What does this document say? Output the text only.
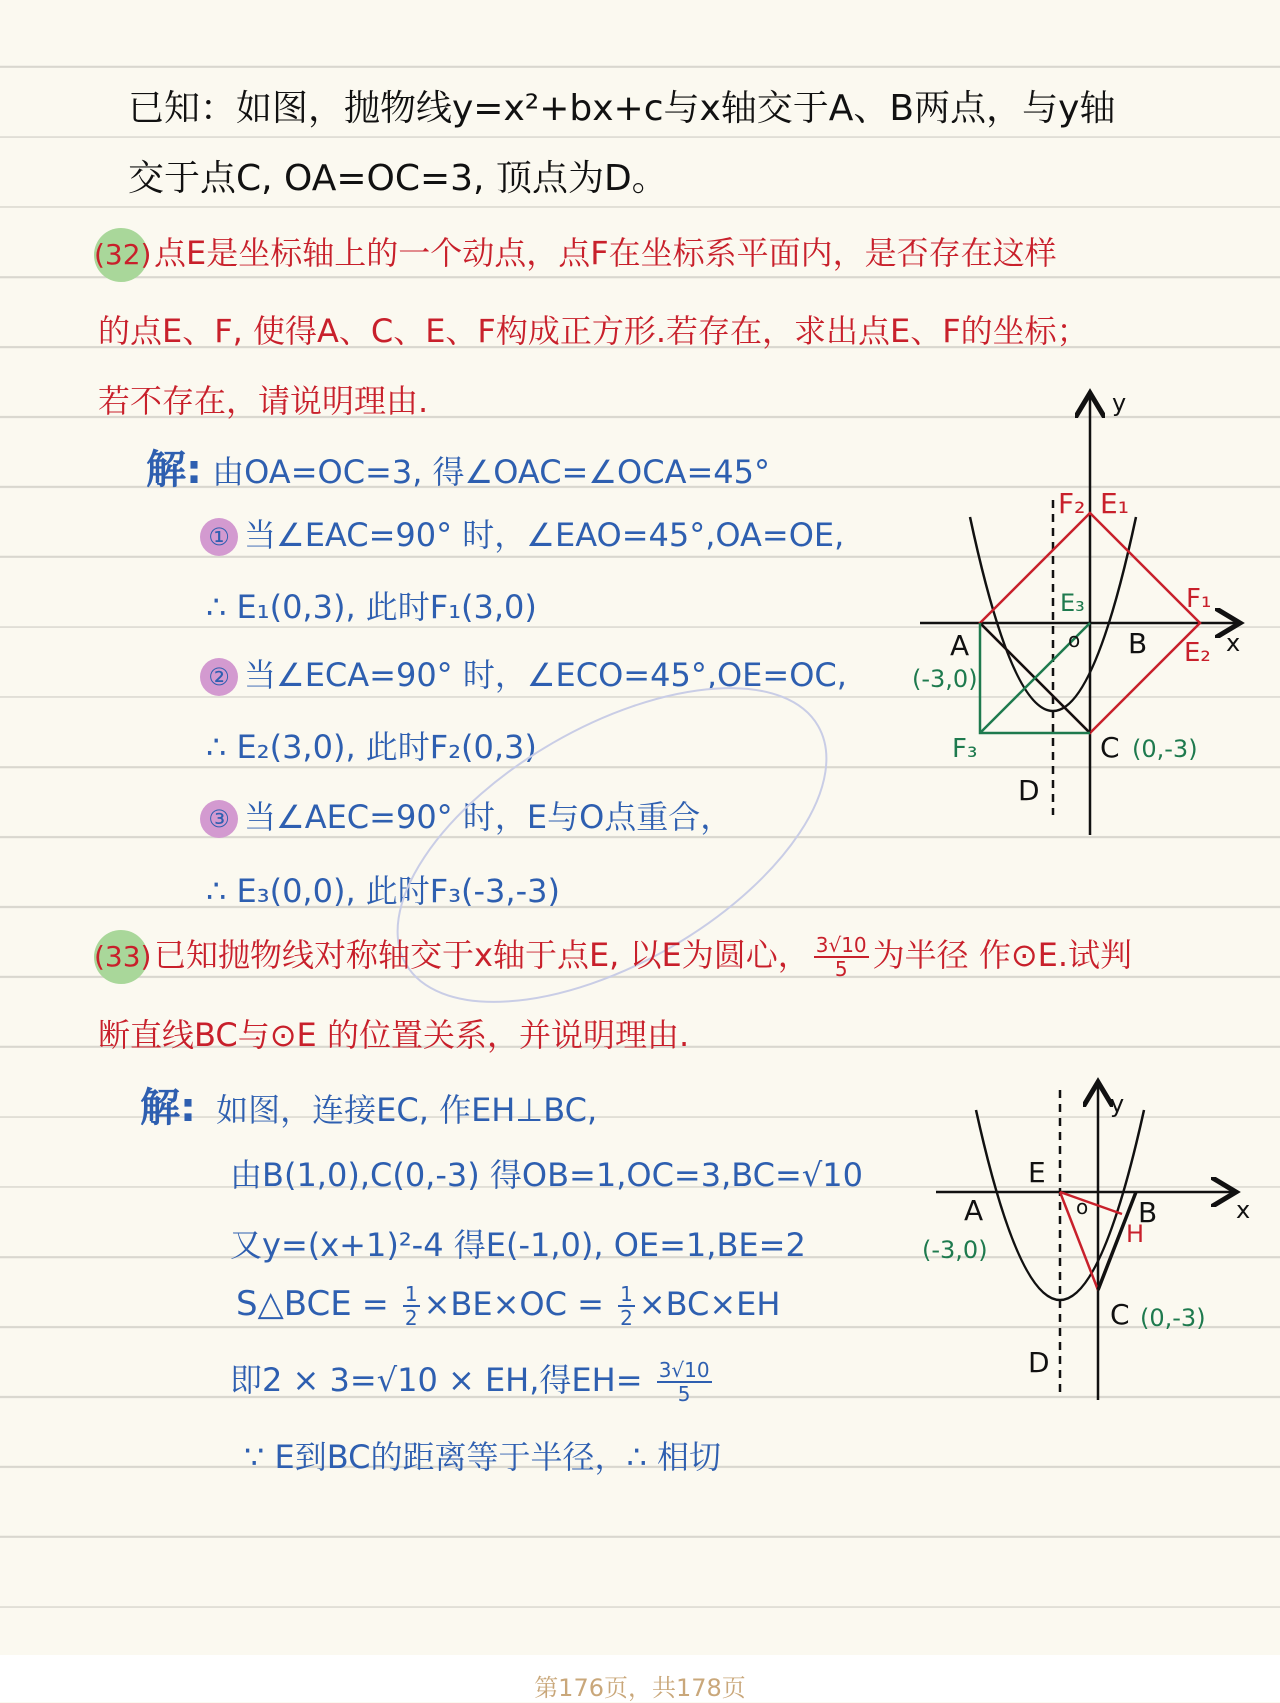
已知：如图，抛物线y=x²+bx+c与x轴交于A、B两点，与y轴
交于点C, OA=OC=3, 顶点为D。
(32)点E是坐标轴上的一个动点，点F在坐标系平面内，是否存在这样
的点E、F, 使得A、C、E、F构成正方形.若存在，求出点E、F的坐标；
若不存在，请说明理由.
解: 由OA=OC=3, 得∠OAC=∠OCA=45°
① 当∠EAC=90° 时，∠EAO=45°,OA=OE,
∴ E₁(0,3), 此时F₁(3,0)
② 当∠ECA=90° 时，∠ECO=45°,OE=OC,
∴ E₂(3,0), 此时F₂(0,3)
③ 当∠AEC=90° 时，E与O点重合，
∴ E₃(0,0), 此时F₃(-3,-3)
y
x
A	B
C
D
o
E₁
F₂
F₁
E₂
E₃
F₃
(-3,0)
(0,-3)
(33)已知抛物线对称轴交于x轴于点E, 以E为圆心， $\frac{3√10}{5}$ 为半径 作⊙E.试判
断直线BC与⊙E 的位置关系，并说明理由.
解: 如图，连接EC, 作EH⊥BC,
由B(1,0),C(0,-3) 得OB=1,OC=3,BC=√10
又y=(x+1)²-4 得E(-1,0), OE=1,BE=2
S△BCE = $\frac{1}{2} \times BE\times OC = \frac{1}{2} \times BC\times EH$
即2 × 3=√10 × EH,得$EH= \frac{3√10}{5}$
∵ E到BC的距离等于半径，∴ 相切
y
x
E
A	B
C
D
o
H
(-3,0)
(0,-3)
第176页，共178页
